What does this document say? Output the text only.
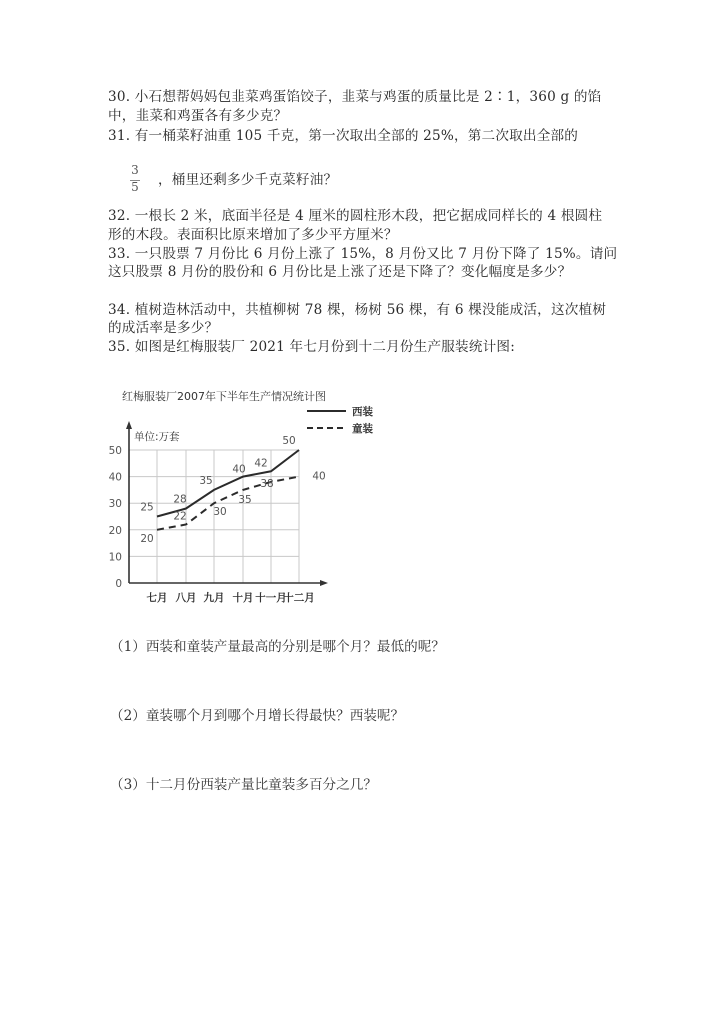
30. 小石想帮妈妈包韭菜鸡蛋馅饺子，韭菜与鸡蛋的质量比是 2∶1，360 g 的馅
中，韭菜和鸡蛋各有多少克？
31. 有一桶菜籽油重 105 千克，第一次取出全部的 25%，第二次取出全部的
3
5 ，桶里还剩多少千克菜籽油？
32. 一根长 2 米，底面半径是 4 厘米的圆柱形木段，把它据成同样长的 4 根圆柱
形的木段。表面积比原来增加了多少平方厘米？
33. 一只股票 7 月份比 6 月份上涨了 15%，8 月份又比 7 月份下降了 15%。请问
这只股票 8 月份的股份和 6 月份比是上涨了还是下降了？变化幅度是多少？
34. 植树造林活动中，共植柳树 78 棵，杨树 56 棵，有 6 棵没能成活，这次植树
的成活率是多少？
35. 如图是红梅服装厂 2021 年七月份到十二月份生产服装统计图:
红梅服装厂2007年下半年生产情况统计图
西装
童装
单位:万套
0
10
20
30
40
50
七月 八月 九月 十月 十一月
十二月
25
28
35
40
42
50
20
22	30
35
38
40
（1）西装和童装产量最高的分别是哪个月？最低的呢？
（2）童装哪个月到哪个月增长得最快？西装呢？
（3）十二月份西装产量比童装多百分之几？
